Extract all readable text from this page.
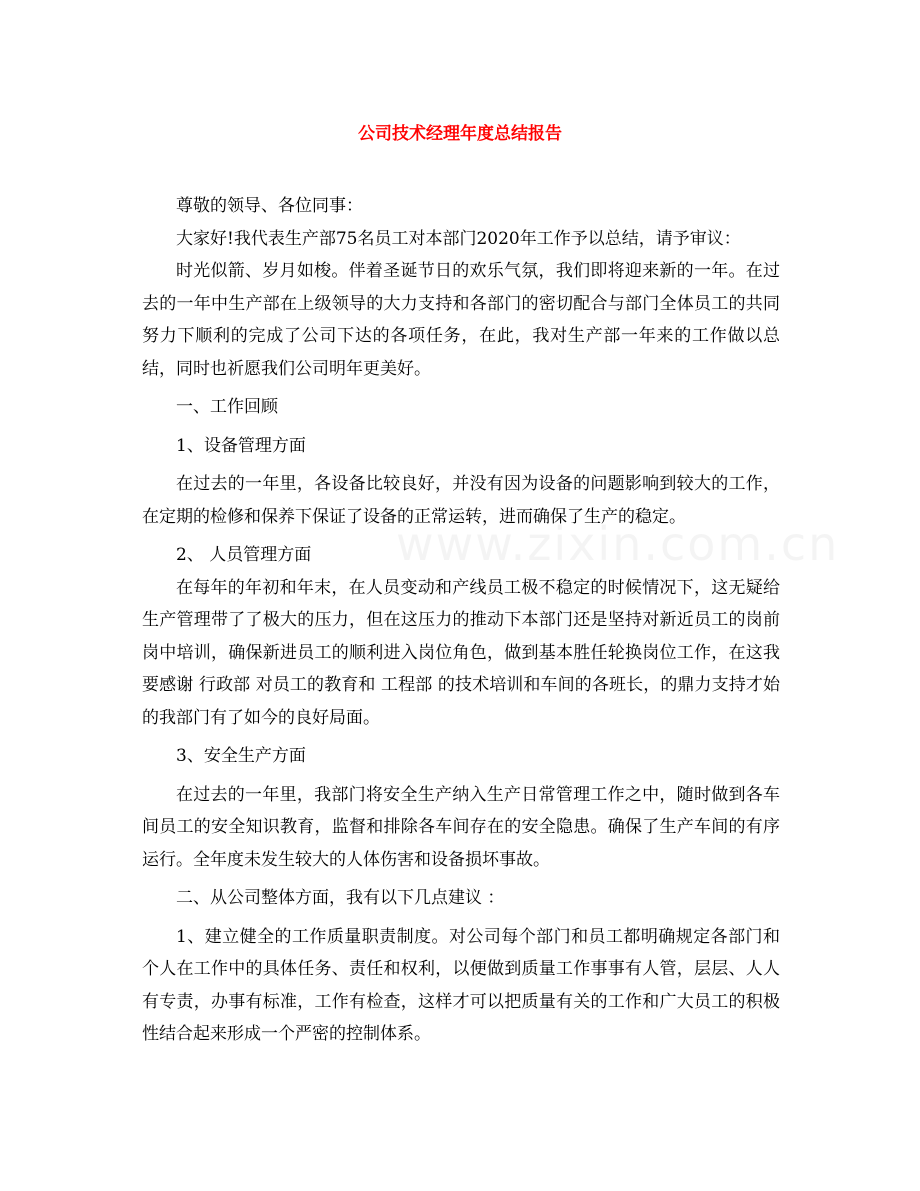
公司技术经理年度总结报告

尊敬的领导、各位同事：

大家好!我代表生产部75名员工对本部门2020年工作予以总结，请予审议：

时光似箭、岁月如梭。伴着圣诞节日的欢乐气氛，我们即将迎来新的一年。在过去的一年中生产部在上级领导的大力支持和各部门的密切配合与部门全体员工的共同努力下顺利的完成了公司下达的各项任务，在此，我对生产部一年来的工作做以总结，同时也祈愿我们公司明年更美好。

一、工作回顾

1、设备管理方面

在过去的一年里，各设备比较良好，并没有因为设备的问题影响到较大的工作，在定期的检修和保养下保证了设备的正常运转，进而确保了生产的稳定。

2、 人员管理方面

在每年的年初和年末，在人员变动和产线员工极不稳定的时候情况下，这无疑给生产管理带了了极大的压力，但在这压力的推动下本部门还是坚持对新近员工的岗前岗中培训，确保新进员工的顺利进入岗位角色，做到基本胜任轮换岗位工作，在这我要感谢 行政部 对员工的教育和 工程部 的技术培训和车间的各班长，的鼎力支持才始的我部门有了如今的良好局面。

3、安全生产方面

在过去的一年里，我部门将安全生产纳入生产日常管理工作之中，随时做到各车间员工的安全知识教育，监督和排除各车间存在的安全隐患。确保了生产车间的有序运行。全年度未发生较大的人体伤害和设备损坏事故。

二、从公司整体方面，我有以下几点建议 ：

1、建立健全的工作质量职责制度。对公司每个部门和员工都明确规定各部门和个人在工作中的具体任务、责任和权利，以便做到质量工作事事有人管，层层、人人有专责，办事有标准，工作有检查，这样才可以把质量有关的工作和广大员工的积极性结合起来形成一个严密的控制体系。
